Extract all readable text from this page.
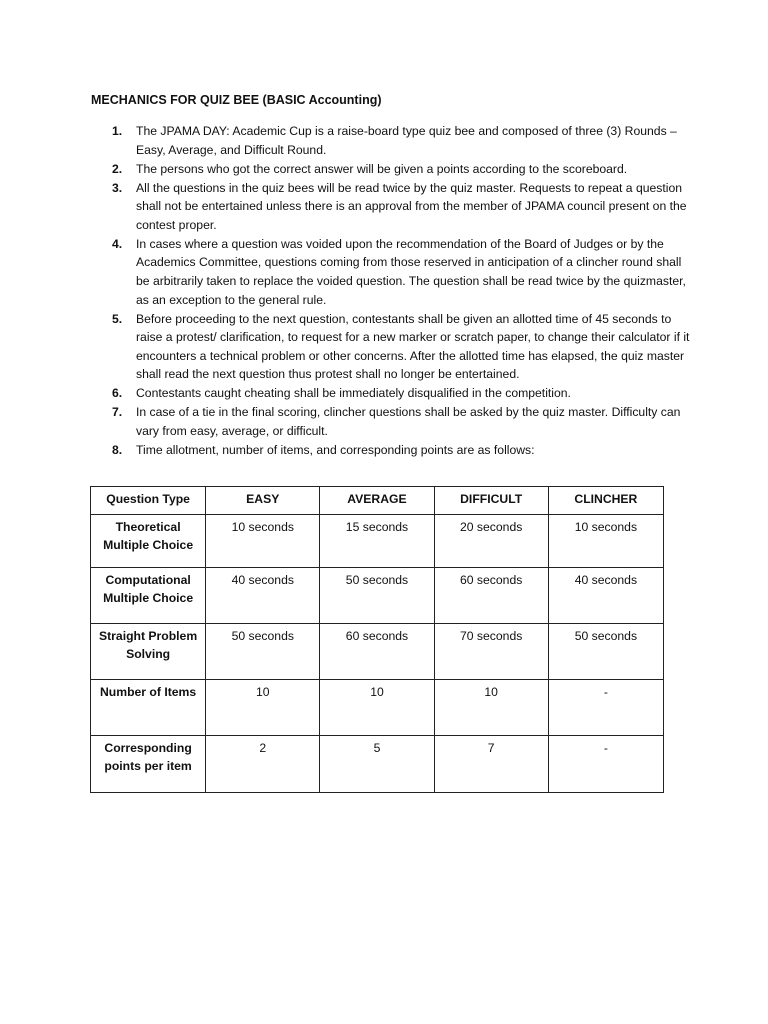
MECHANICS FOR QUIZ BEE (BASIC Accounting)
1. The JPAMA DAY: Academic Cup is a raise-board type quiz bee and composed of three (3) Rounds – Easy, Average, and Difficult Round.
2. The persons who got the correct answer will be given a points according to the scoreboard.
3. All the questions in the quiz bees will be read twice by the quiz master. Requests to repeat a question shall not be entertained unless there is an approval from the member of JPAMA council present on the contest proper.
4. In cases where a question was voided upon the recommendation of the Board of Judges or by the Academics Committee, questions coming from those reserved in anticipation of a clincher round shall be arbitrarily taken to replace the voided question. The question shall be read twice by the quizmaster, as an exception to the general rule.
5. Before proceeding to the next question, contestants shall be given an allotted time of 45 seconds to raise a protest/ clarification, to request for a new marker or scratch paper, to change their calculator if it encounters a technical problem or other concerns. After the allotted time has elapsed, the quiz master shall read the next question thus protest shall no longer be entertained.
6. Contestants caught cheating shall be immediately disqualified in the competition.
7. In case of a tie in the final scoring, clincher questions shall be asked by the quiz master. Difficulty can vary from easy, average, or difficult.
8. Time allotment, number of items, and corresponding points are as follows:
Question Type	EASY	AVERAGE	DIFFICULT	CLINCHER
Theoretical Multiple Choice	10 seconds	15 seconds	20 seconds	10 seconds
Computational Multiple Choice	40 seconds	50 seconds	60 seconds	40 seconds
Straight Problem Solving	50 seconds	60 seconds	70 seconds	50 seconds
Number of Items	10	10	10	-
Corresponding points per item	2	5	7	-
